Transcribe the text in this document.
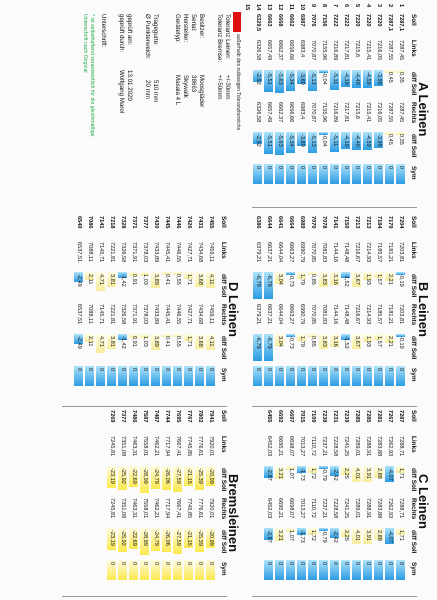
1
2
3
4
5
6
7
8
9
10
11
12
13
14
15
A Leinen
Soll
Links
diff Soll
Rechts
diff Soll
Sym
7287,1
7287,45
0,35
7287,45
0,35
0
7287,1
7287,55
0,45
7287,55
0,45
0
7220
7216,05
-3,95
7216,05
-3,95
0
7220
7215,41
-4,59
7215,41
-4,59
0
7220
7215,6
-4,40
7215,6
-4,40
0
7222
7217,81
-4,19
7217,81
-4,19
0
7222
7216,89
-5,11
7216,89
-5,11
0
7156
7155,96
-0,04
7155,96
-0,04
0
7076
7070,87
-5,13
7070,87
-5,13
0
6987
6983,4
-3,60
6983,4
-3,60
0
6662
6656,66
-5,34
6656,66
-5,34
0
6668
6662,37
-5,63
6662,37
-5,63
0
6663
6657,49
-5,51
6657,49
-5,51
0
6329,5
6326,58
-2,92
6326,58
-2,92
0
B Leinen
Soll
Links
diff Soll
Rechts
diff Soll
Sym
7204
7203,81
-0,19
7203,81
-0,19
0
7179
7181,21
2,21
7181,21
2,21
0
7184
7185,57
1,57
7185,57
1,57
0
7213
7214,93
1,93
7214,93
1,93
0
7213
7216,67
3,67
7216,67
3,67
0
7150
7148,48
-1,52
7148,48
-1,52
0
7141
7144,16
3,16
7144,16
3,16
0
7078
7081,83
3,83
7081,83
3,83
0
7070
7070,85
0,85
7070,85
0,85
0
6989
6990,79
1,79
6990,79
1,79
0
6664
6663,27
-0,73
6663,27
-0,73
0
6641
6644,04
3,04
6644,04
3,04
0
6644
6637,21
-6,79
6637,21
-6,79
0
6386
6379,21
-6,79
6379,21
-6,79
0
C Leinen
Soll
Links
diff Soll
Rechts
diff Soll
Sym
7287
7288,71
1,71
7288,71
1,71
0
7267
7262,93
-4,07
7262,93
-4,07
0
7281
7283,88
2,88
7283,88
2,88
0
7285
7288,91
3,91
7288,91
3,91
0
7285
7289,01
4,01
7289,01
4,01
0
7239
7241,25
2,25
7241,25
2,25
0
7231
7228,58
-2,42
7228,58
-2,42
0
7238
7237,21
-0,79
7237,21
-0,79
0
7109
7110,72
1,72
7110,72
1,72
0
7015
7013,27
-1,73
7013,27
-1,73
0
6697
6698,07
1,07
6698,07
1,07
0
6692
6695,21
3,21
6695,21
3,21
0
6455
6452,03
-2,97
6452,03
-2,97
0
D Leinen
Soll
Links
diff Soll
Rechts
diff Soll
Sym
7455
7459,11
4,11
7459,11
4,11
0
7431
7434,68
3,68
7434,68
3,68
0
7426
7427,71
1,71
7427,71
1,71
0
7446
7446,55
0,55
7446,55
0,55
0
7445
7445,41
0,41
7445,41
0,41
0
7430
7433,89
3,89
7433,89
3,89
0
7377
7378,03
1,03
7378,03
1,03
0
7371
7371,91
0,91
7371,91
0,91
0
7328
7326,58
-1,42
7326,58
-1,42
0
7218
7221,81
3,81
7221,81
3,81
0
7141
7145,71
4,71
7145,71
4,71
0
7086
7088,11
2,11
7088,11
2,11
0
6540
6537,51
-2,49
6537,51
-2,49
0
Bremsleinen
Soll
Links
diff Soll
Rechts
diff Soll
Sym
7941
7920,01
-20,99
7920,01
-20,99
0
7802
7776,61
-25,39
7776,61
-25,39
0
7767
7745,85
-21,15
7745,85
-21,15
0
7695
7667,41
-27,59
7667,41
-27,59
0
7744
7717,94
-26,06
7717,94
-26,06
0
7487
7462,21
-24,79
7462,21
-24,79
0
7587
7558,01
-28,99
7558,01
-28,99
0
7486
7463,31
-22,69
7463,31
-22,69
0
7377
7351,08
-25,92
7351,08
-25,92
0
7269
7245,81
-23,19
7245,81
-23,19
0
außerhalb des zulässigen Toleranzbereichs
Toleranz Leinen:
+/-30mm
Toleranz Bremse:
+/-50mm
Besitzer:
Moosgläder
Serial:
38663
Hersteller:
Skywalk
Gerätetyp:
Masala 4 L
Tragegurte:
510 mm
Ø Punkterweich:
20 mm
geprüft am:
13.01.2020
geprüft durch:
Wolfgang Marol
Unterschrift:
* ist selbsthaftend verantwortlich für die gleichmäßige
Unterschrift nach Original
